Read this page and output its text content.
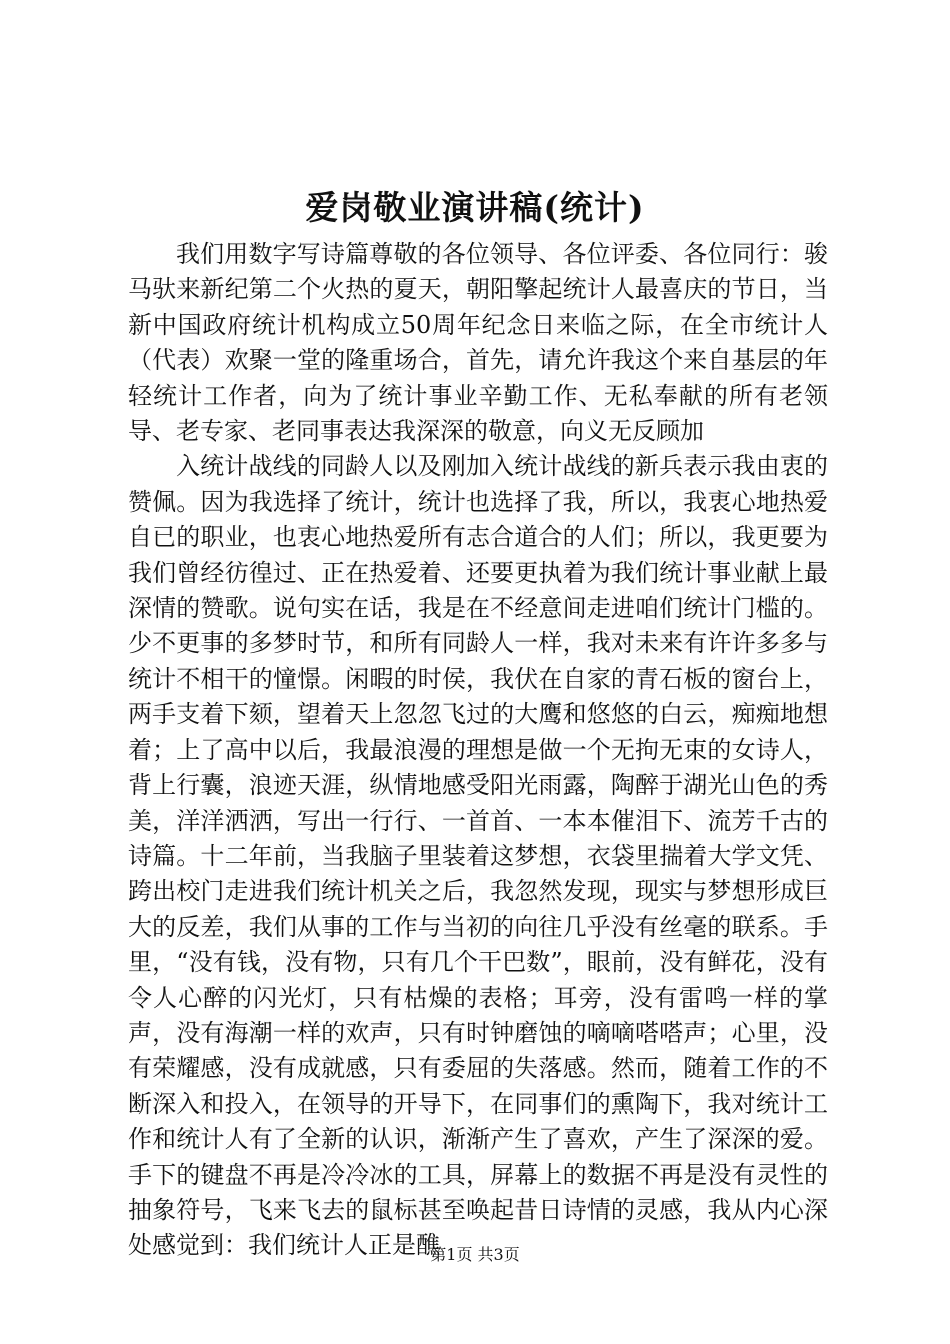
爱岗敬业演讲稿(统计)

我们用数字写诗篇尊敬的各位领导、各位评委、各位同行：骏马驮来新纪第二个火热的夏天，朝阳擎起统计人最喜庆的节日，当新中国政府统计机构成立50周年纪念日来临之际，在全市统计人（代表）欢聚一堂的隆重场合，首先，请允许我这个来自基层的年轻统计工作者，向为了统计事业辛勤工作、无私奉献的所有老领导、老专家、老同事表达我深深的敬意，向义无反顾加

入统计战线的同龄人以及刚加入统计战线的新兵表示我由衷的赞佩。因为我选择了统计，统计也选择了我，所以，我衷心地热爱自已的职业，也衷心地热爱所有志合道合的人们；所以，我更要为我们曾经彷徨过、正在热爱着、还要更执着为我们统计事业献上最深情的赞歌。说句实在话，我是在不经意间走进咱们统计门槛的。少不更事的多梦时节，和所有同龄人一样，我对未来有许许多多与统计不相干的憧憬。闲暇的时侯，我伏在自家的青石板的窗台上，两手支着下颏，望着天上忽忽飞过的大鹰和悠悠的白云，痴痴地想着；上了高中以后，我最浪漫的理想是做一个无拘无束的女诗人，背上行囊，浪迹天涯，纵情地感受阳光雨露，陶醉于湖光山色的秀美，洋洋洒洒，写出一行行、一首首、一本本催泪下、流芳千古的诗篇。十二年前，当我脑子里装着这梦想，衣袋里揣着大学文凭、跨出校门走进我们统计机关之后，我忽然发现，现实与梦想形成巨大的反差，我们从事的工作与当初的向往几乎没有丝毫的联系。手里，“没有钱，没有物，只有几个干巴数”，眼前，没有鲜花，没有令人心醉的闪光灯，只有枯燥的表格；耳旁，没有雷鸣一样的掌声，没有海潮一样的欢声，只有时钟磨蚀的嘀嘀嗒嗒声；心里，没有荣耀感，没有成就感，只有委屈的失落感。然而，随着工作的不断深入和投入，在领导的开导下，在同事们的熏陶下，我对统计工作和统计人有了全新的认识，渐渐产生了喜欢，产生了深深的爱。手下的键盘不再是冷冷冰的工具，屏幕上的数据不再是没有灵性的抽象符号，飞来飞去的鼠标甚至唤起昔日诗情的灵感，我从内心深处感觉到：我们统计人正是醮

第1页 共3页
